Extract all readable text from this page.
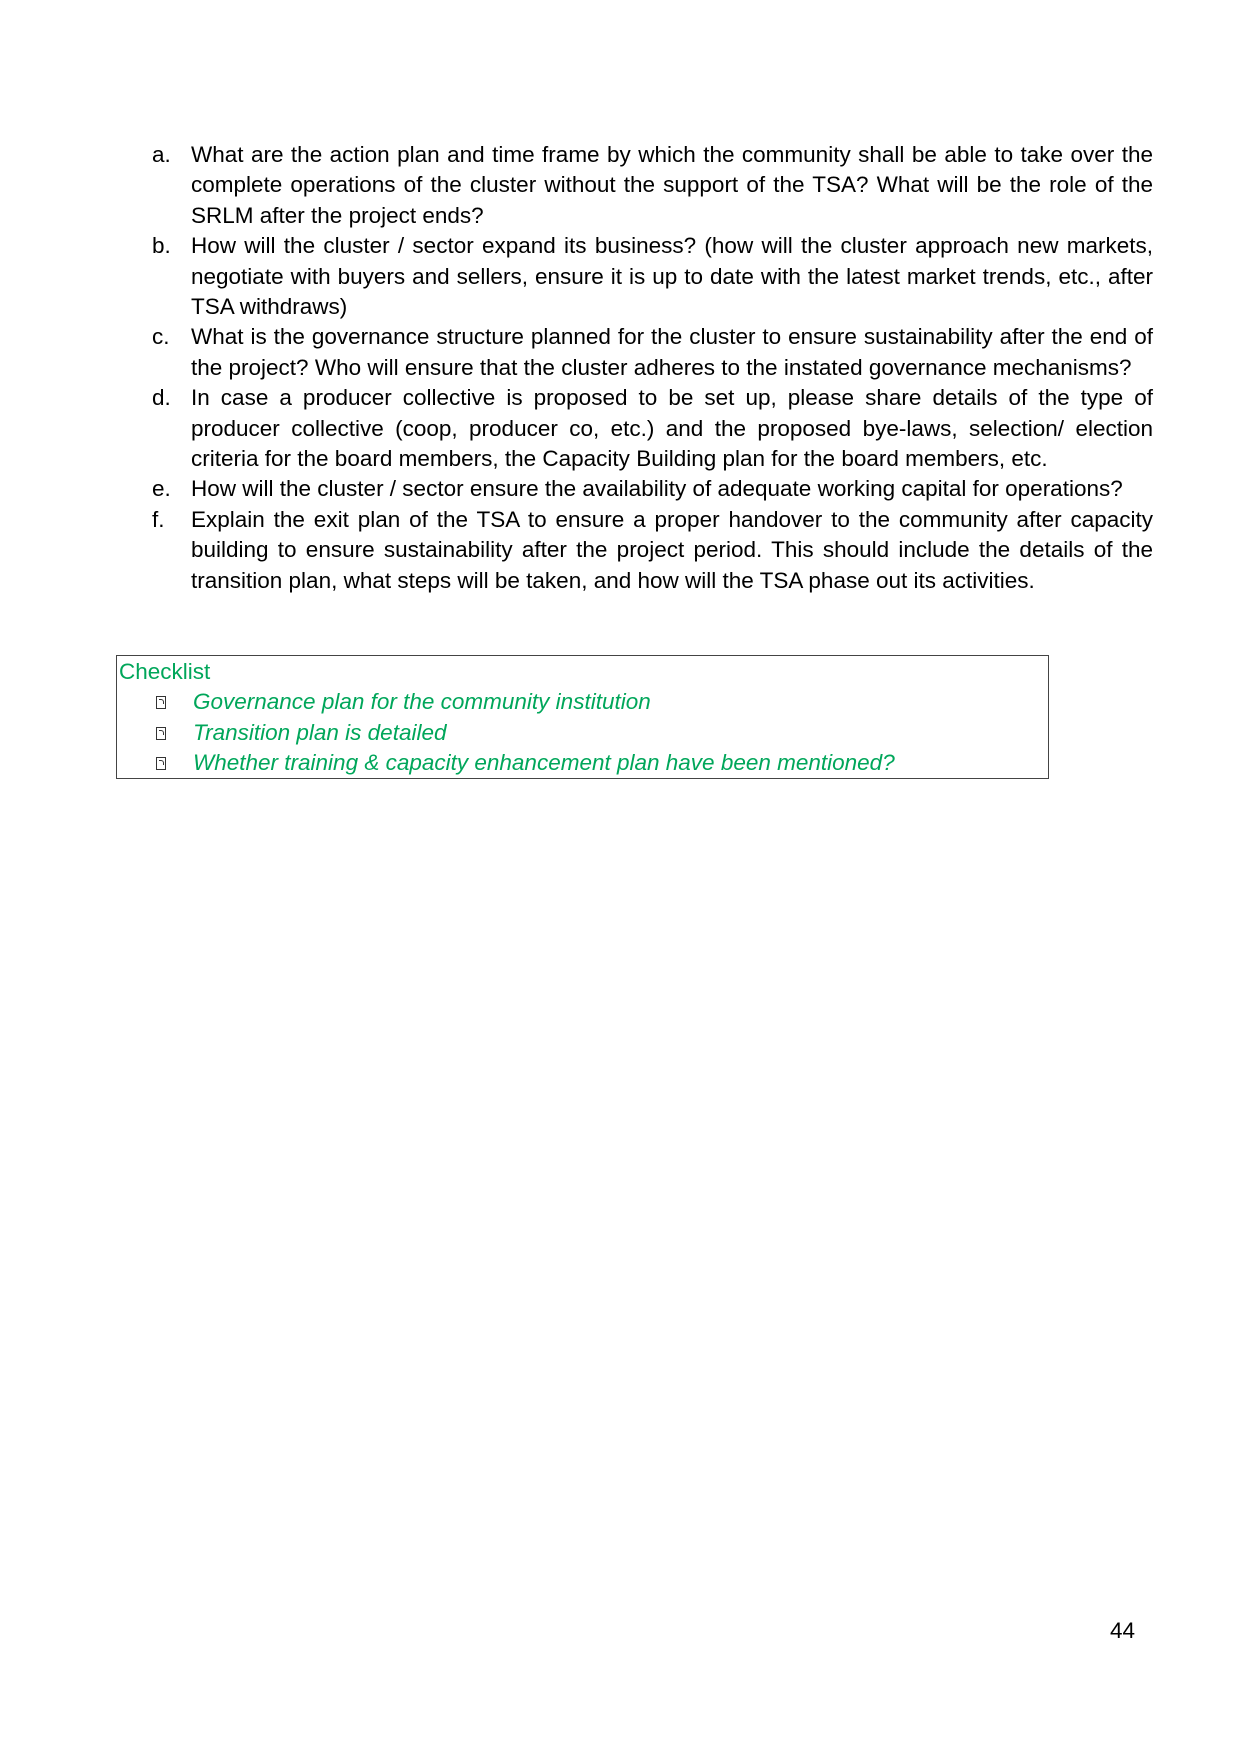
a. What are the action plan and time frame by which the community shall be able to take over the complete operations of the cluster without the support of the TSA? What will be the role of the SRLM after the project ends?
b. How will the cluster / sector expand its business? (how will the cluster approach new markets, negotiate with buyers and sellers, ensure it is up to date with the latest market trends, etc., after TSA withdraws)
c. What is the governance structure planned for the cluster to ensure sustainability after the end of the project? Who will ensure that the cluster adheres to the instated governance mechanisms?
d. In case a producer collective is proposed to be set up, please share details of the type of producer collective (coop, producer co, etc.) and the proposed bye-laws, selection/ election criteria for the board members, the Capacity Building plan for the board members, etc.
e. How will the cluster / sector ensure the availability of adequate working capital for operations?
f.	Explain the exit plan of the TSA to ensure a proper handover to the community after capacity building to ensure sustainability after the project period. This should include the details of the transition plan, what steps will be taken, and how will the TSA phase out its activities.
Checklist
Governance plan for the community institution
Transition plan is detailed
Whether training & capacity enhancement plan have been mentioned?
44
